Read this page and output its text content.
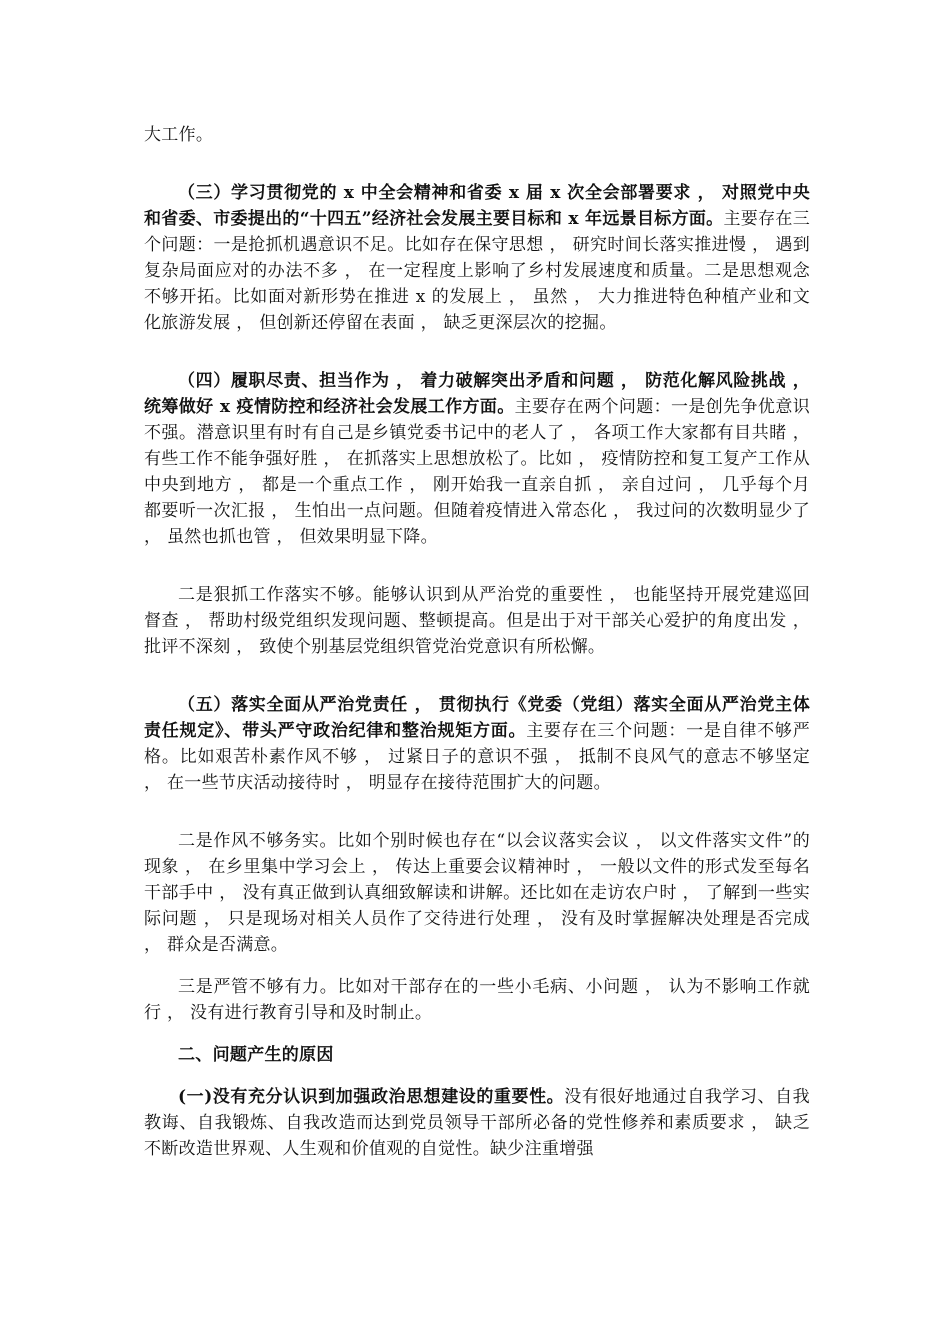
大工作。

（三）学习贯彻党的 x 中全会精神和省委 x 届 x 次全会部署要求 ， 对照党中央和省委、市委提出的“十四五”经济社会发展主要目标和 x 年远景目标方面。主要存在三个问题：一是抢抓机遇意识不足。比如存在保守思想 ， 研究时间长落实推进慢 ， 遇到复杂局面应对的办法不多 ， 在一定程度上影响了乡村发展速度和质量。二是思想观念不够开拓。比如面对新形势在推进 x 的发展上 ， 虽然 ， 大力推进特色种植产业和文化旅游发展 ， 但创新还停留在表面 ， 缺乏更深层次的挖掘。

（四）履职尽责、担当作为 ， 着力破解突出矛盾和问题 ， 防范化解风险挑战 ， 统筹做好 x 疫情防控和经济社会发展工作方面。主要存在两个问题：一是创先争优意识不强。潜意识里有时有自己是乡镇党委书记中的老人了 ， 各项工作大家都有目共睹 ， 有些工作不能争强好胜 ， 在抓落实上思想放松了。比如 ， 疫情防控和复工复产工作从中央到地方 ， 都是一个重点工作 ， 刚开始我一直亲自抓 ， 亲自过问 ， 几乎每个月都要听一次汇报 ， 生怕出一点问题。但随着疫情进入常态化 ， 我过问的次数明显少了 ， 虽然也抓也管 ， 但效果明显下降。

二是狠抓工作落实不够。能够认识到从严治党的重要性 ， 也能坚持开展党建巡回督查 ， 帮助村级党组织发现问题、整顿提高。但是出于对干部关心爱护的角度出发 ， 批评不深刻 ， 致使个别基层党组织管党治党意识有所松懈。

（五）落实全面从严治党责任 ， 贯彻执行《党委（党组）落实全面从严治党主体责任规定》、带头严守政治纪律和整治规矩方面。主要存在三个问题：一是自律不够严格。比如艰苦朴素作风不够 ， 过紧日子的意识不强 ， 抵制不良风气的意志不够坚定 ， 在一些节庆活动接待时 ， 明显存在接待范围扩大的问题。

二是作风不够务实。比如个别时候也存在“以会议落实会议 ， 以文件落实文件”的现象 ， 在乡里集中学习会上 ， 传达上重要会议精神时 ， 一般以文件的形式发至每名干部手中 ， 没有真正做到认真细致解读和讲解。还比如在走访农户时 ， 了解到一些实际问题 ， 只是现场对相关人员作了交待进行处理 ， 没有及时掌握解决处理是否完成 ， 群众是否满意。

三是严管不够有力。比如对干部存在的一些小毛病、小问题 ， 认为不影响工作就行 ， 没有进行教育引导和及时制止。

二、问题产生的原因

(一)没有充分认识到加强政治思想建设的重要性。没有很好地通过自我学习、自我教诲、自我锻炼、自我改造而达到党员领导干部所必备的党性修养和素质要求 ， 缺乏不断改造世界观、人生观和价值观的自觉性。缺少注重增强
